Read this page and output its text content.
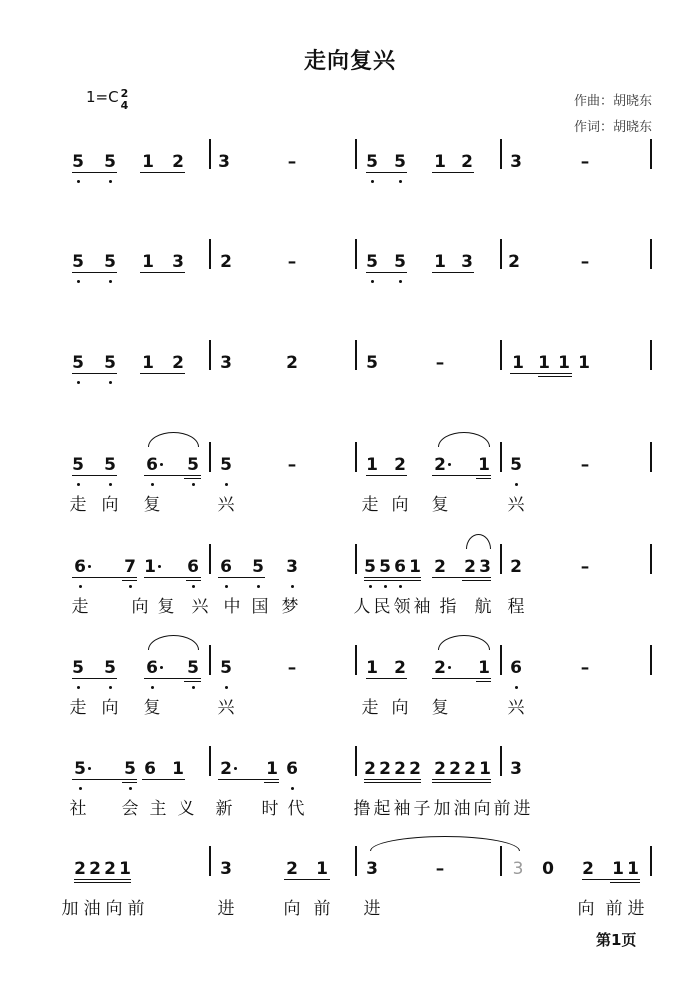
走向复兴
1=C 2
4	作曲：胡晓东
作词：胡晓东
5 5 1 2 3	–	5 5 1 2 3	–
5 5 1 3 2	–	5 5 1 3 2	–
5 5 1 2 3	2	5	–	1 1 1 1
5 5 6 5 5	–	1 2 2 1 5	–
走 向 复	兴	走 向 复	兴
6 7 1 6 6 5 3	5 5 6 1 2 2 3 2	–
走	向 复 兴 中 国 梦	人 民 领 袖 指 航 程
5 5 6 5 5	–	1 2 2 1 6	–
走 向 复	兴	走 向 复	兴
5 5 6 1 2 1 6	2 2 2 2 2 2 2 1 3
社 会 主 义 新 时 代	撸 起 袖 子 加 油 向 前 进
2 2 2 1	3	2 1 3	–	3 0 2 1 1
加 油 向 前	进	向 前 进	向 前 进
第1页
